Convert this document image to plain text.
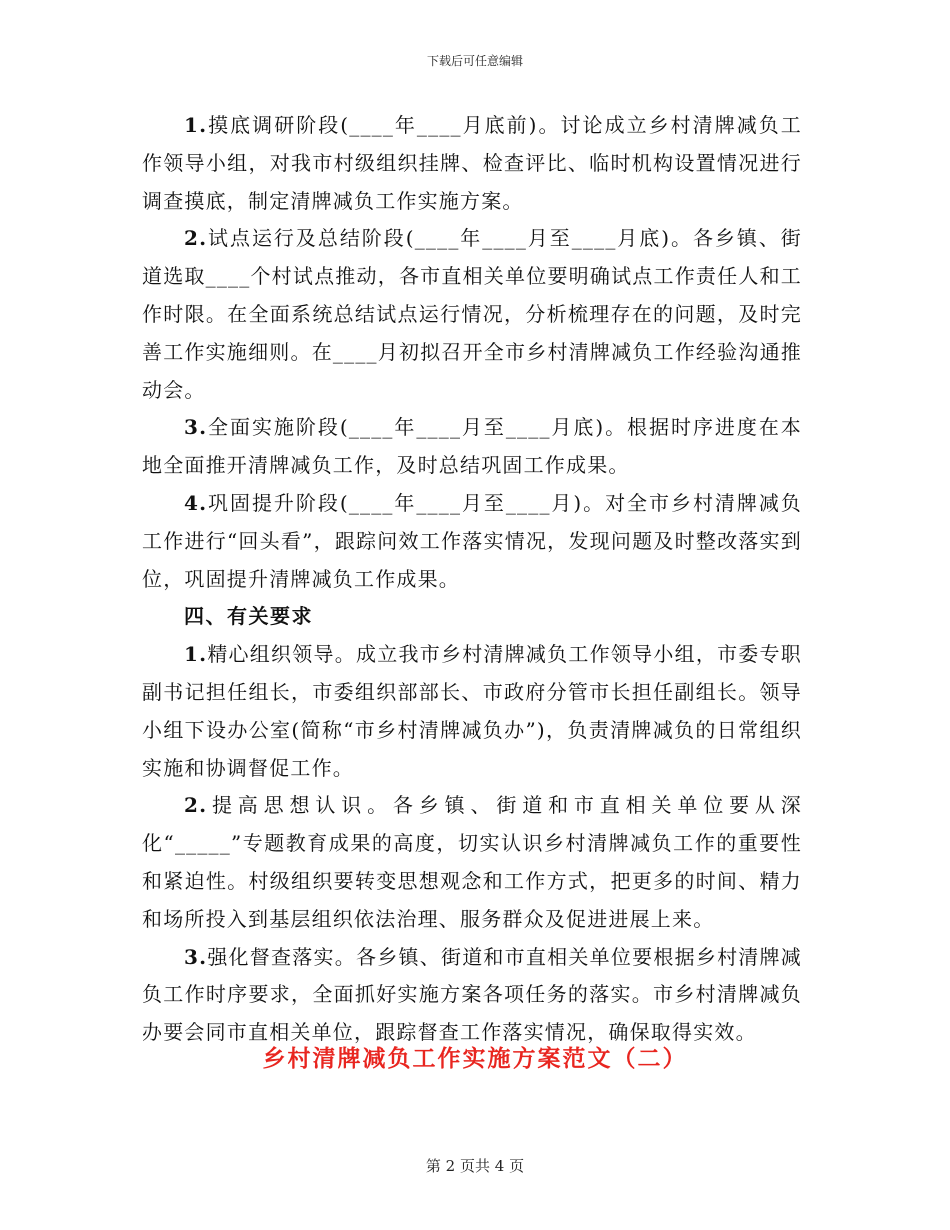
下载后可任意编辑

1.摸底调研阶段(____年____月底前)。讨论成立乡村清牌减负工作领导小组，对我市村级组织挂牌、检查评比、临时机构设置情况进行调查摸底，制定清牌减负工作实施方案。

2.试点运行及总结阶段(____年____月至____月底)。各乡镇、街道选取____个村试点推动，各市直相关单位要明确试点工作责任人和工作时限。在全面系统总结试点运行情况，分析梳理存在的问题，及时完善工作实施细则。在____月初拟召开全市乡村清牌减负工作经验沟通推动会。

3.全面实施阶段(____年____月至____月底)。根据时序进度在本地全面推开清牌减负工作，及时总结巩固工作成果。

4.巩固提升阶段(____年____月至____月)。对全市乡村清牌减负工作进行“回头看”，跟踪问效工作落实情况，发现问题及时整改落实到位，巩固提升清牌减负工作成果。

四、有关要求

1.精心组织领导。成立我市乡村清牌减负工作领导小组，市委专职副书记担任组长，市委组织部部长、市政府分管市长担任副组长。领导小组下设办公室(简称“市乡村清牌减负办”)，负责清牌减负的日常组织实施和协调督促工作。

2.提高思想认识。各乡镇、街道和市直相关单位要从深化“_____”专题教育成果的高度，切实认识乡村清牌减负工作的重要性和紧迫性。村级组织要转变思想观念和工作方式，把更多的时间、精力和场所投入到基层组织依法治理、服务群众及促进进展上来。

3.强化督查落实。各乡镇、街道和市直相关单位要根据乡村清牌减负工作时序要求，全面抓好实施方案各项任务的落实。市乡村清牌减负办要会同市直相关单位，跟踪督查工作落实情况，确保取得实效。

乡村清牌减负工作实施方案范文（二）
第 2 页共 4 页
